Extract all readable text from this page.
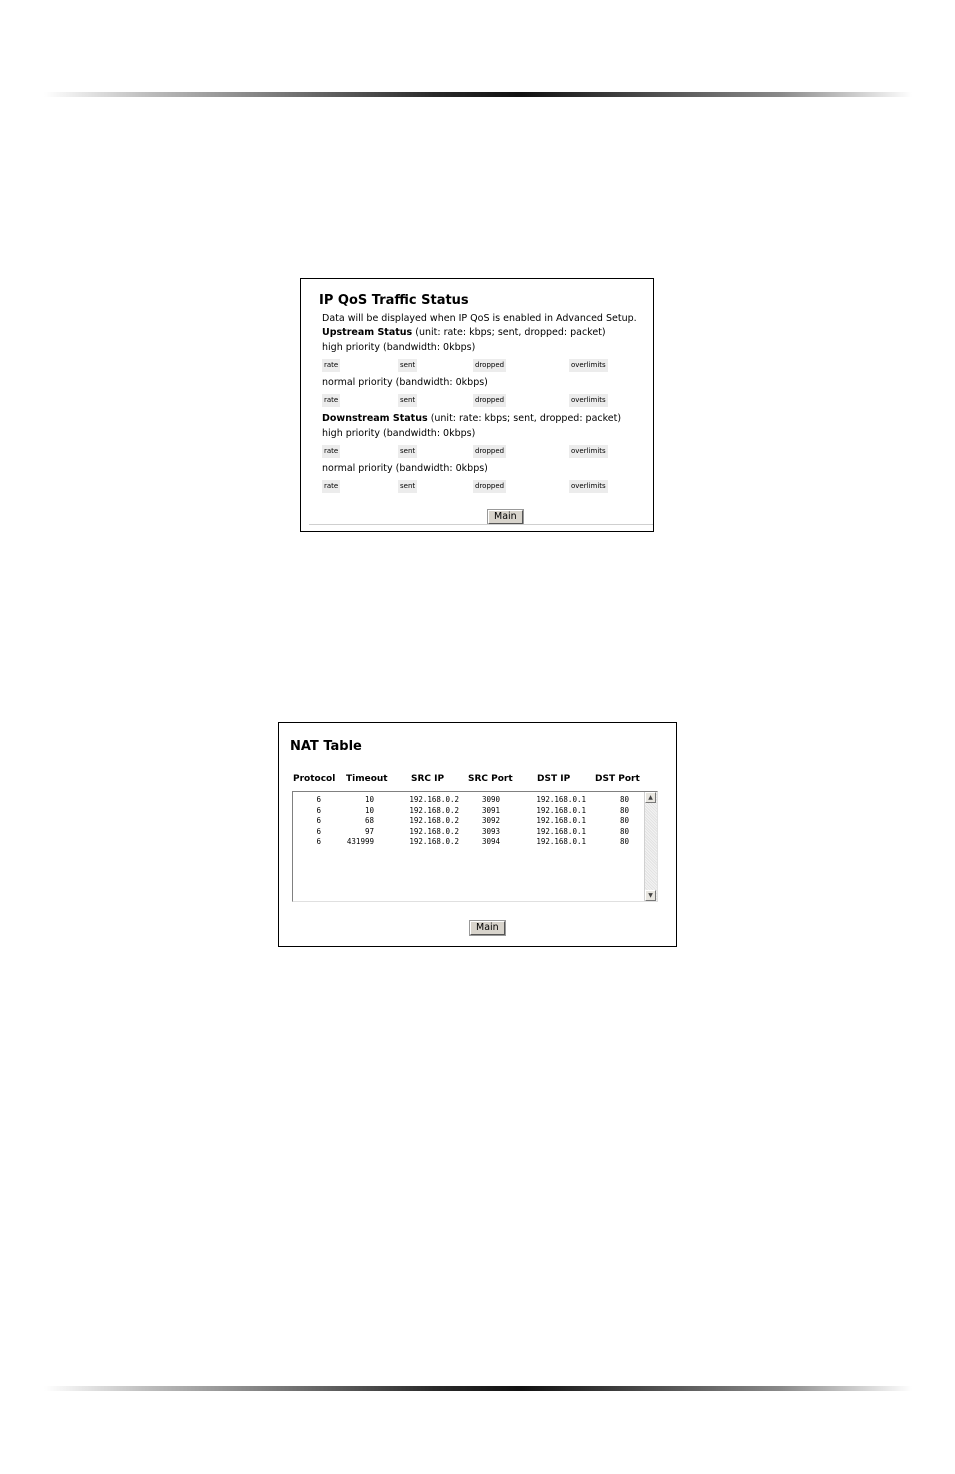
IP QoS Traffic Status
Data will be displayed when IP QoS is enabled in Advanced Setup.
Upstream Status (unit: rate: kbps; sent, dropped: packet)
high priority (bandwidth: 0kbps)
rate	sent	dropped	overlimits
normal priority (bandwidth: 0kbps)
rate	sent	dropped	overlimits
Downstream Status (unit: rate: kbps; sent, dropped: packet)
high priority (bandwidth: 0kbps)
rate	sent	dropped	overlimits
normal priority (bandwidth: 0kbps)
rate	sent	dropped	overlimits
Main
NAT Table
Protocol Timeout	SRC IP	SRC Port	DST IP	DST Port
6	431999	192.168.0.2	3094	192.168.0.1	80
6	97	192.168.0.2	3093	192.168.0.1	80
6	68	192.168.0.2	3092	192.168.0.1	80
6	10	192.168.0.2	3091	192.168.0.1	80
6	10	192.168.0.2	3090	192.168.0.1	80	▲
▼
Main
